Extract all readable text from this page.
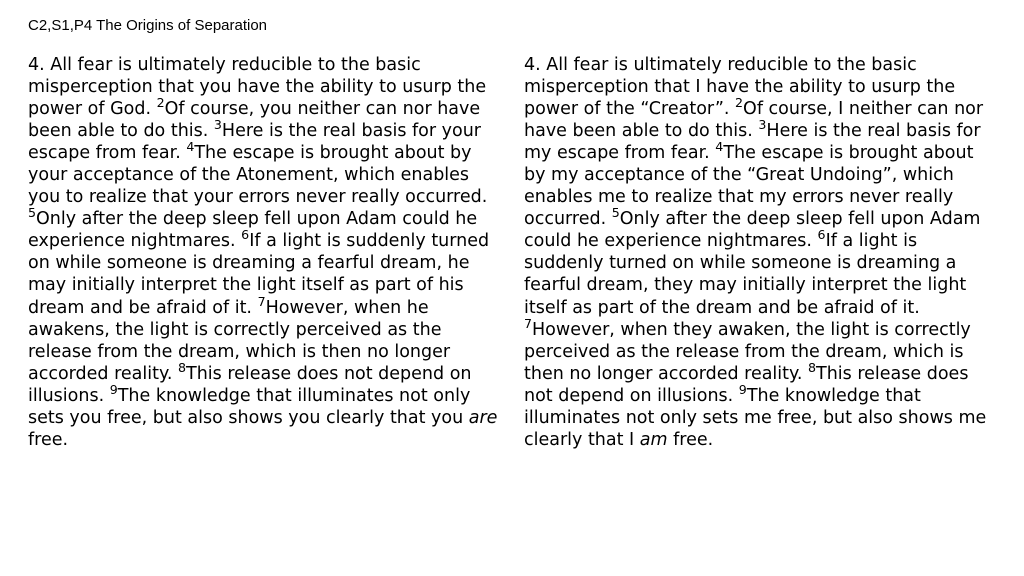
C2,S1,P4 The Origins of Separation

4. All fear is ultimately reducible to the basic misperception that you have the ability to usurp the power of God. $^2$Of course, you neither can nor have been able to do this. $^3$Here is the real basis for your escape from fear. $^4$The escape is brought about by your acceptance of the Atonement, which enables you to realize that your errors never really occurred. $^5$Only after the deep sleep fell upon Adam could he experience nightmares. $^6$If a light is suddenly turned on while someone is dreaming a fearful dream, he may initially interpret the light itself as part of his dream and be afraid of it. $^7$However, when he awakens, the light is correctly perceived as the release from the dream, which is then no longer accorded reality. $^8$This release does not depend on illusions. $^9$The knowledge that illuminates not only sets you free, but also shows you clearly that you are free.

4. All fear is ultimately reducible to the basic misperception that I have the ability to usurp the power of the “Creator”. $^2$Of course, I neither can nor have been able to do this. $^3$Here is the real basis for my escape from fear. $^4$The escape is brought about by my acceptance of the “Great Undoing”, which enables me to realize that my errors never really occurred. $^5$Only after the deep sleep fell upon Adam could he experience nightmares. $^6$If a light is suddenly turned on while someone is dreaming a fearful dream, they may initially interpret the light itself as part of the dream and be afraid of it. $^7$However, when they awaken, the light is correctly perceived as the release from the dream, which is then no longer accorded reality. $^8$This release does not depend on illusions. $^9$The knowledge that illuminates not only sets me free, but also shows me clearly that I am free.
